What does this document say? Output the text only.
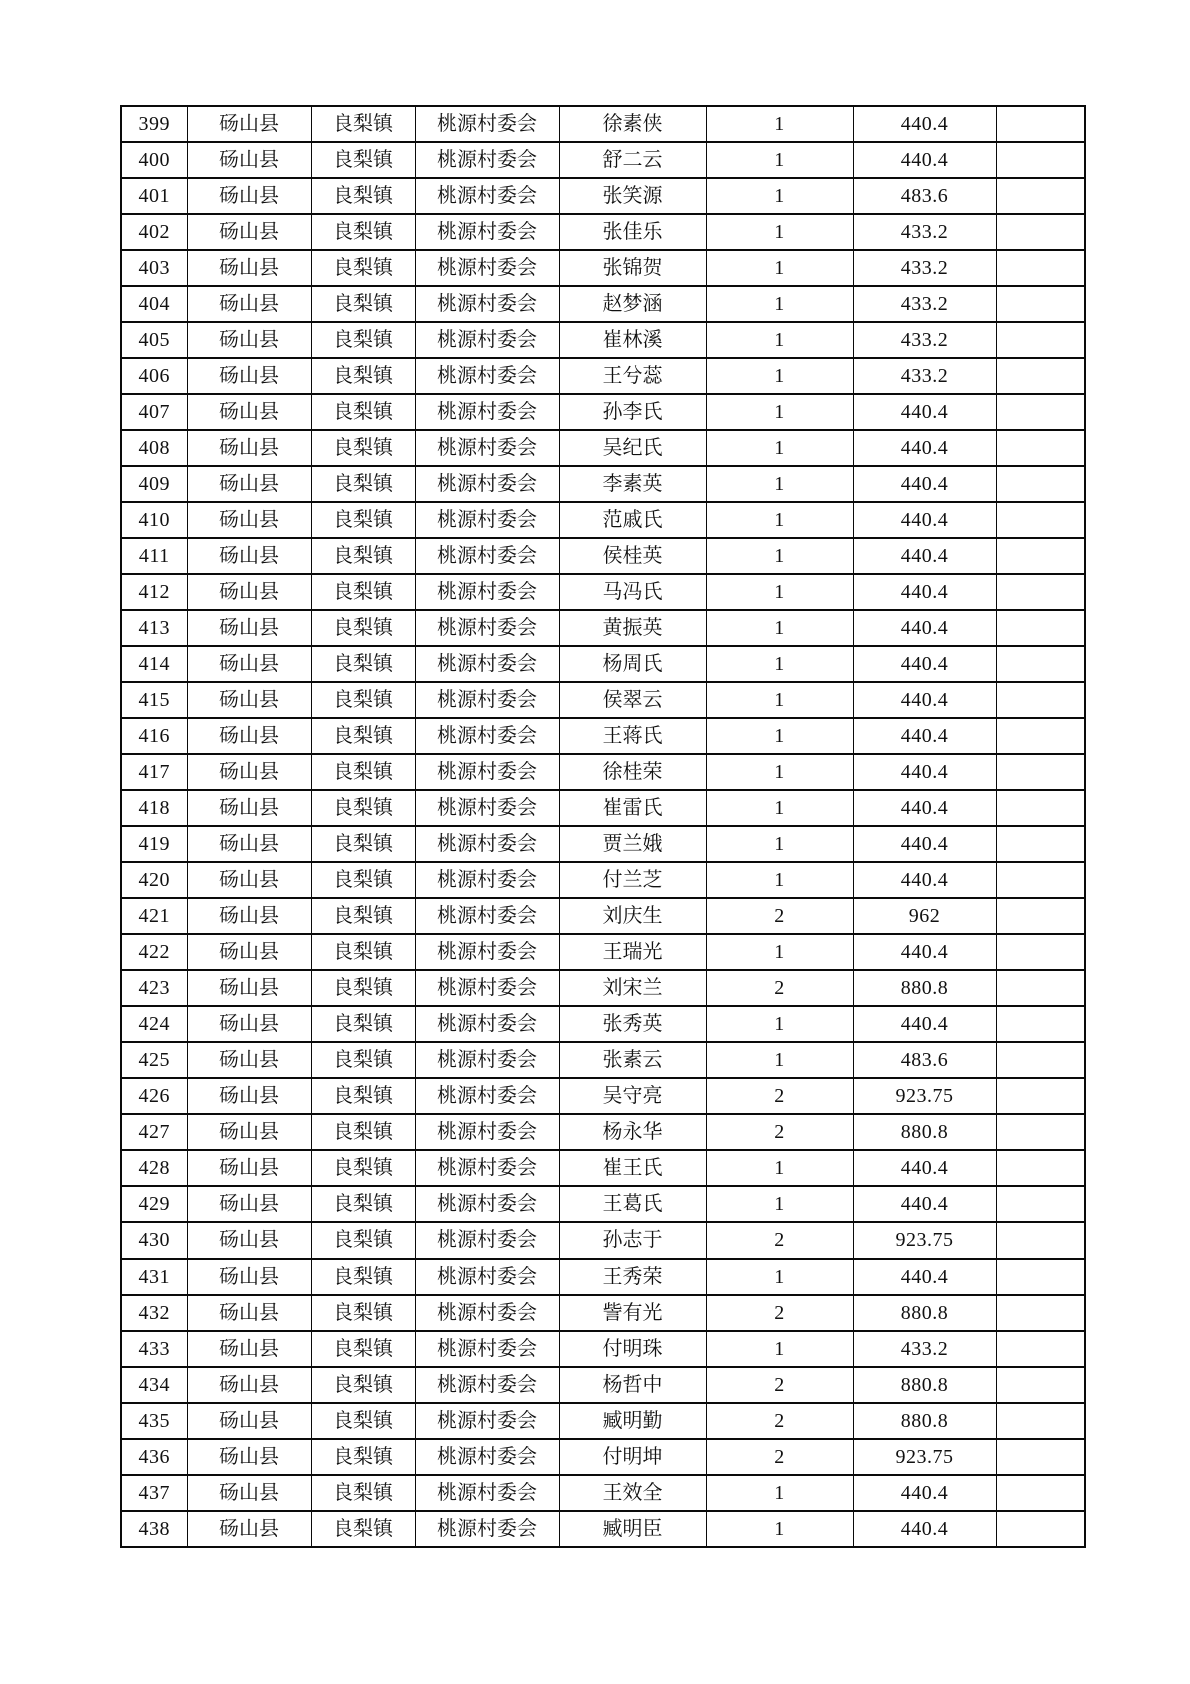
399	砀山县	良梨镇	桃源村委会	徐素侠	1	440.4	
400	砀山县	良梨镇	桃源村委会	舒二云	1	440.4	
401	砀山县	良梨镇	桃源村委会	张笑源	1	483.6	
402	砀山县	良梨镇	桃源村委会	张佳乐	1	433.2	
403	砀山县	良梨镇	桃源村委会	张锦贺	1	433.2	
404	砀山县	良梨镇	桃源村委会	赵梦涵	1	433.2	
405	砀山县	良梨镇	桃源村委会	崔林溪	1	433.2	
406	砀山县	良梨镇	桃源村委会	王兮蕊	1	433.2	
407	砀山县	良梨镇	桃源村委会	孙李氏	1	440.4	
408	砀山县	良梨镇	桃源村委会	吴纪氏	1	440.4	
409	砀山县	良梨镇	桃源村委会	李素英	1	440.4	
410	砀山县	良梨镇	桃源村委会	范戚氏	1	440.4	
411	砀山县	良梨镇	桃源村委会	侯桂英	1	440.4	
412	砀山县	良梨镇	桃源村委会	马冯氏	1	440.4	
413	砀山县	良梨镇	桃源村委会	黄振英	1	440.4	
414	砀山县	良梨镇	桃源村委会	杨周氏	1	440.4	
415	砀山县	良梨镇	桃源村委会	侯翠云	1	440.4	
416	砀山县	良梨镇	桃源村委会	王蒋氏	1	440.4	
417	砀山县	良梨镇	桃源村委会	徐桂荣	1	440.4	
418	砀山县	良梨镇	桃源村委会	崔雷氏	1	440.4	
419	砀山县	良梨镇	桃源村委会	贾兰娥	1	440.4	
420	砀山县	良梨镇	桃源村委会	付兰芝	1	440.4	
421	砀山县	良梨镇	桃源村委会	刘庆生	2	962	
422	砀山县	良梨镇	桃源村委会	王瑞光	1	440.4	
423	砀山县	良梨镇	桃源村委会	刘宋兰	2	880.8	
424	砀山县	良梨镇	桃源村委会	张秀英	1	440.4	
425	砀山县	良梨镇	桃源村委会	张素云	1	483.6	
426	砀山县	良梨镇	桃源村委会	吴守亮	2	923.75	
427	砀山县	良梨镇	桃源村委会	杨永华	2	880.8	
428	砀山县	良梨镇	桃源村委会	崔王氏	1	440.4	
429	砀山县	良梨镇	桃源村委会	王葛氏	1	440.4	
430	砀山县	良梨镇	桃源村委会	孙志于	2	923.75	
431	砀山县	良梨镇	桃源村委会	王秀荣	1	440.4	
432	砀山县	良梨镇	桃源村委会	訾有光	2	880.8	
433	砀山县	良梨镇	桃源村委会	付明珠	1	433.2	
434	砀山县	良梨镇	桃源村委会	杨哲中	2	880.8	
435	砀山县	良梨镇	桃源村委会	臧明勤	2	880.8	
436	砀山县	良梨镇	桃源村委会	付明坤	2	923.75	
437	砀山县	良梨镇	桃源村委会	王效全	1	440.4	
438	砀山县	良梨镇	桃源村委会	臧明臣	1	440.4	
